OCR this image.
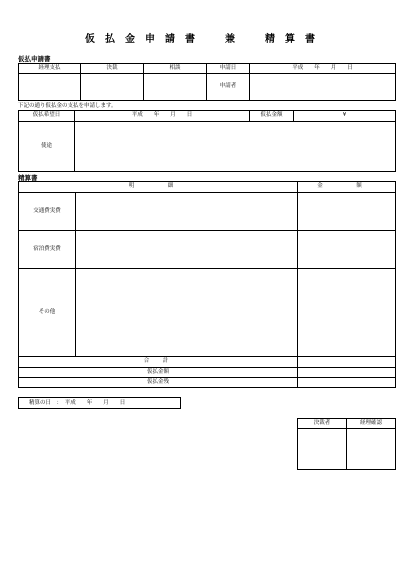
仮払金申請書　兼　精算書
仮払申請書
経理支払	決裁	相談	申請日	平成　　年　　月　　日
			申請者	
下記の通り仮払金の支払を申請します。
仮払希望日	平成　　年　　月　　日	仮払金額	¥
使途			
精算書
明　細		金　額
交通費実費		
宿泊費実費		
その他		
合　計		
仮払金額		
仮払金残		
精算の日　：　平成　　年　　月　　日
決裁者	経理確認
